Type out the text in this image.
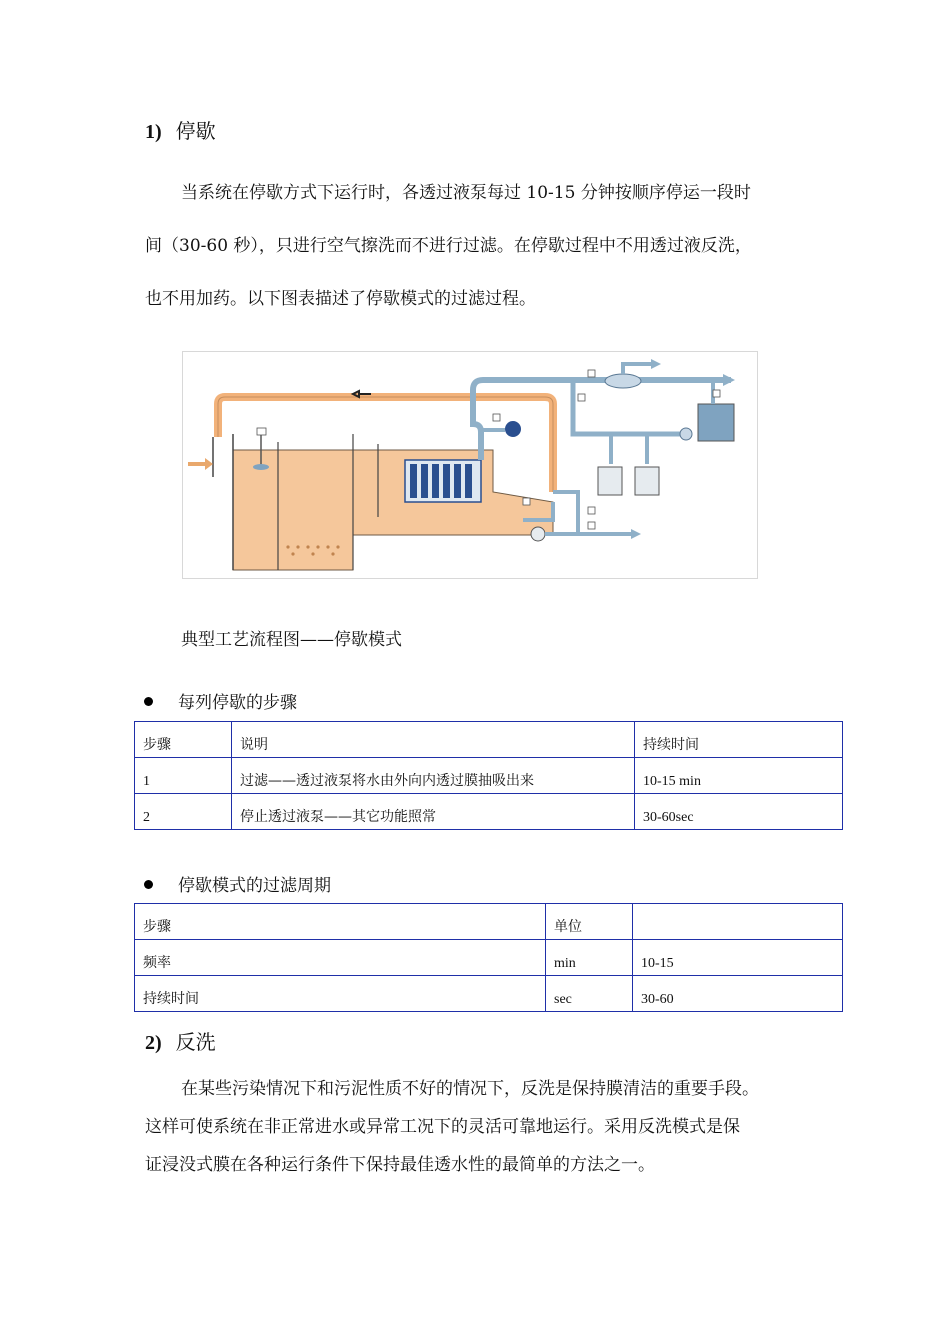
1) 停歇
当系统在停歇方式下运行时，各透过液泵每过 10-15 分钟按顺序停运一段时
间（30-60 秒），只进行空气擦洗而不进行过滤。在停歇过程中不用透过液反洗，
也不用加药。以下图表描述了停歇模式的过滤过程。
典型工艺流程图——停歇模式
每列停歇的步骤
步骤	说明	持续时间
1	过滤——透过液泵将水由外向内透过膜抽吸出来	10-15 min
2	停止透过液泵——其它功能照常	30-60sec
停歇模式的过滤周期
步骤	单位	
频率	min	10-15
持续时间	sec	30-60
2) 反洗
在某些污染情况下和污泥性质不好的情况下，反洗是保持膜清洁的重要手段。
这样可使系统在非正常进水或异常工况下的灵活可靠地运行。采用反洗模式是保
证浸没式膜在各种运行条件下保持最佳透水性的最简单的方法之一。
